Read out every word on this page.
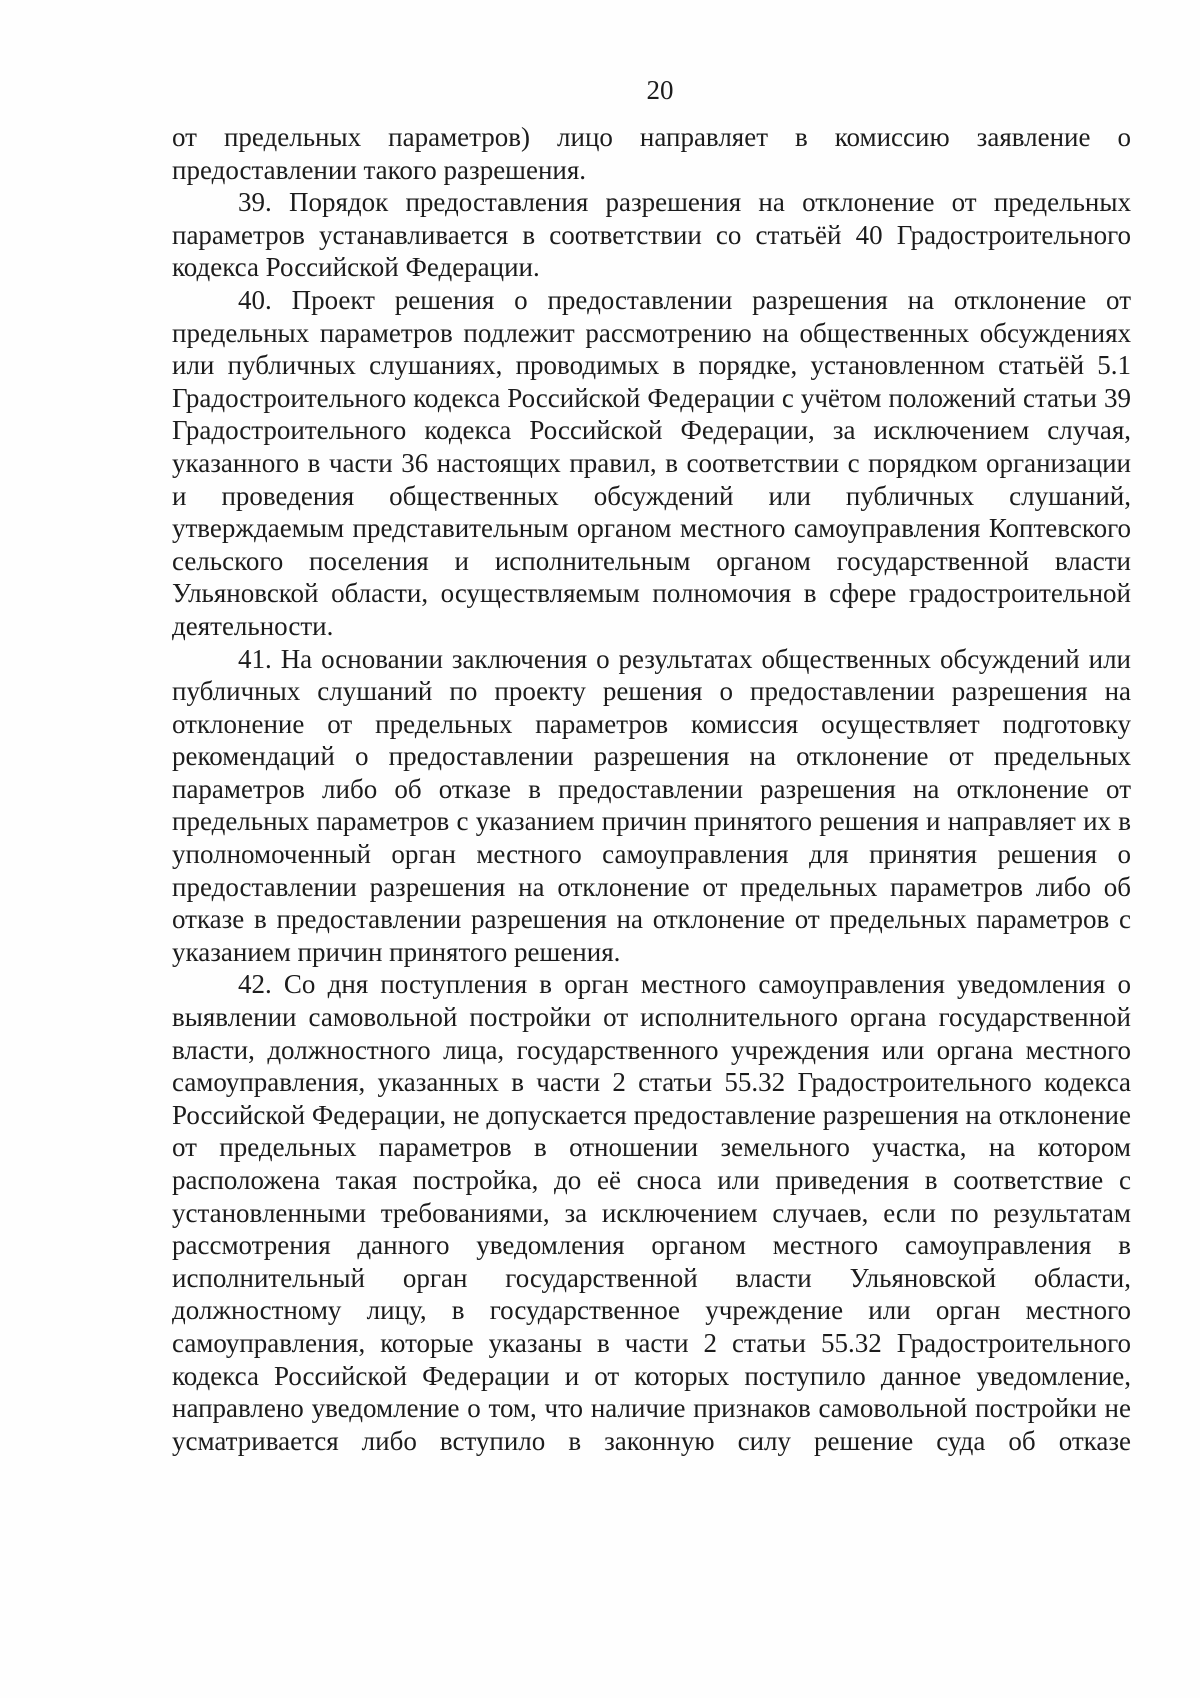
20

от предельных параметров) лицо направляет в комиссию заявление о предоставлении такого разрешения.

39. Порядок предоставления разрешения на отклонение от предельных параметров устанавливается в соответствии со статьёй 40 Градостроительного кодекса Российской Федерации.

40. Проект решения о предоставлении разрешения на отклонение от предельных параметров подлежит рассмотрению на общественных обсуждениях или публичных слушаниях, проводимых в порядке, установленном статьёй 5.1 Градостроительного кодекса Российской Федерации с учётом положений статьи 39 Градостроительного кодекса Российской Федерации, за исключением случая, указанного в части 36 настоящих правил, в соответствии с порядком организации и проведения общественных обсуждений или публичных слушаний, утверждаемым представительным органом местного самоуправления Коптевского сельского поселения и исполнительным органом государственной власти Ульяновской области, осуществляемым полномочия в сфере градостроительной деятельности.

41. На основании заключения о результатах общественных обсуждений или публичных слушаний по проекту решения о предоставлении разрешения на отклонение от предельных параметров комиссия осуществляет подготовку рекомендаций о предоставлении разрешения на отклонение от предельных параметров либо об отказе в предоставлении разрешения на отклонение от предельных параметров с указанием причин принятого решения и направляет их в уполномоченный орган местного самоуправления для принятия решения о предоставлении разрешения на отклонение от предельных параметров либо об отказе в предоставлении разрешения на отклонение от предельных параметров с указанием причин принятого решения.

42. Со дня поступления в орган местного самоуправления уведомления о выявлении самовольной постройки от исполнительного органа государственной власти, должностного лица, государственного учреждения или органа местного самоуправления, указанных в части 2 статьи 55.32 Градостроительного кодекса Российской Федерации, не допускается предоставление разрешения на отклонение от предельных параметров в отношении земельного участка, на котором расположена такая постройка, до её сноса или приведения в соответствие с установленными требованиями, за исключением случаев, если по результатам рассмотрения данного уведомления органом местного самоуправления в исполнительный орган государственной власти Ульяновской области, должностному лицу, в государственное учреждение или орган местного самоуправления, которые указаны в части 2 статьи 55.32 Градостроительного кодекса Российской Федерации и от которых поступило данное уведомление, направлено уведомление о том, что наличие признаков самовольной постройки не усматривается либо вступило в законную силу решение суда об отказе
